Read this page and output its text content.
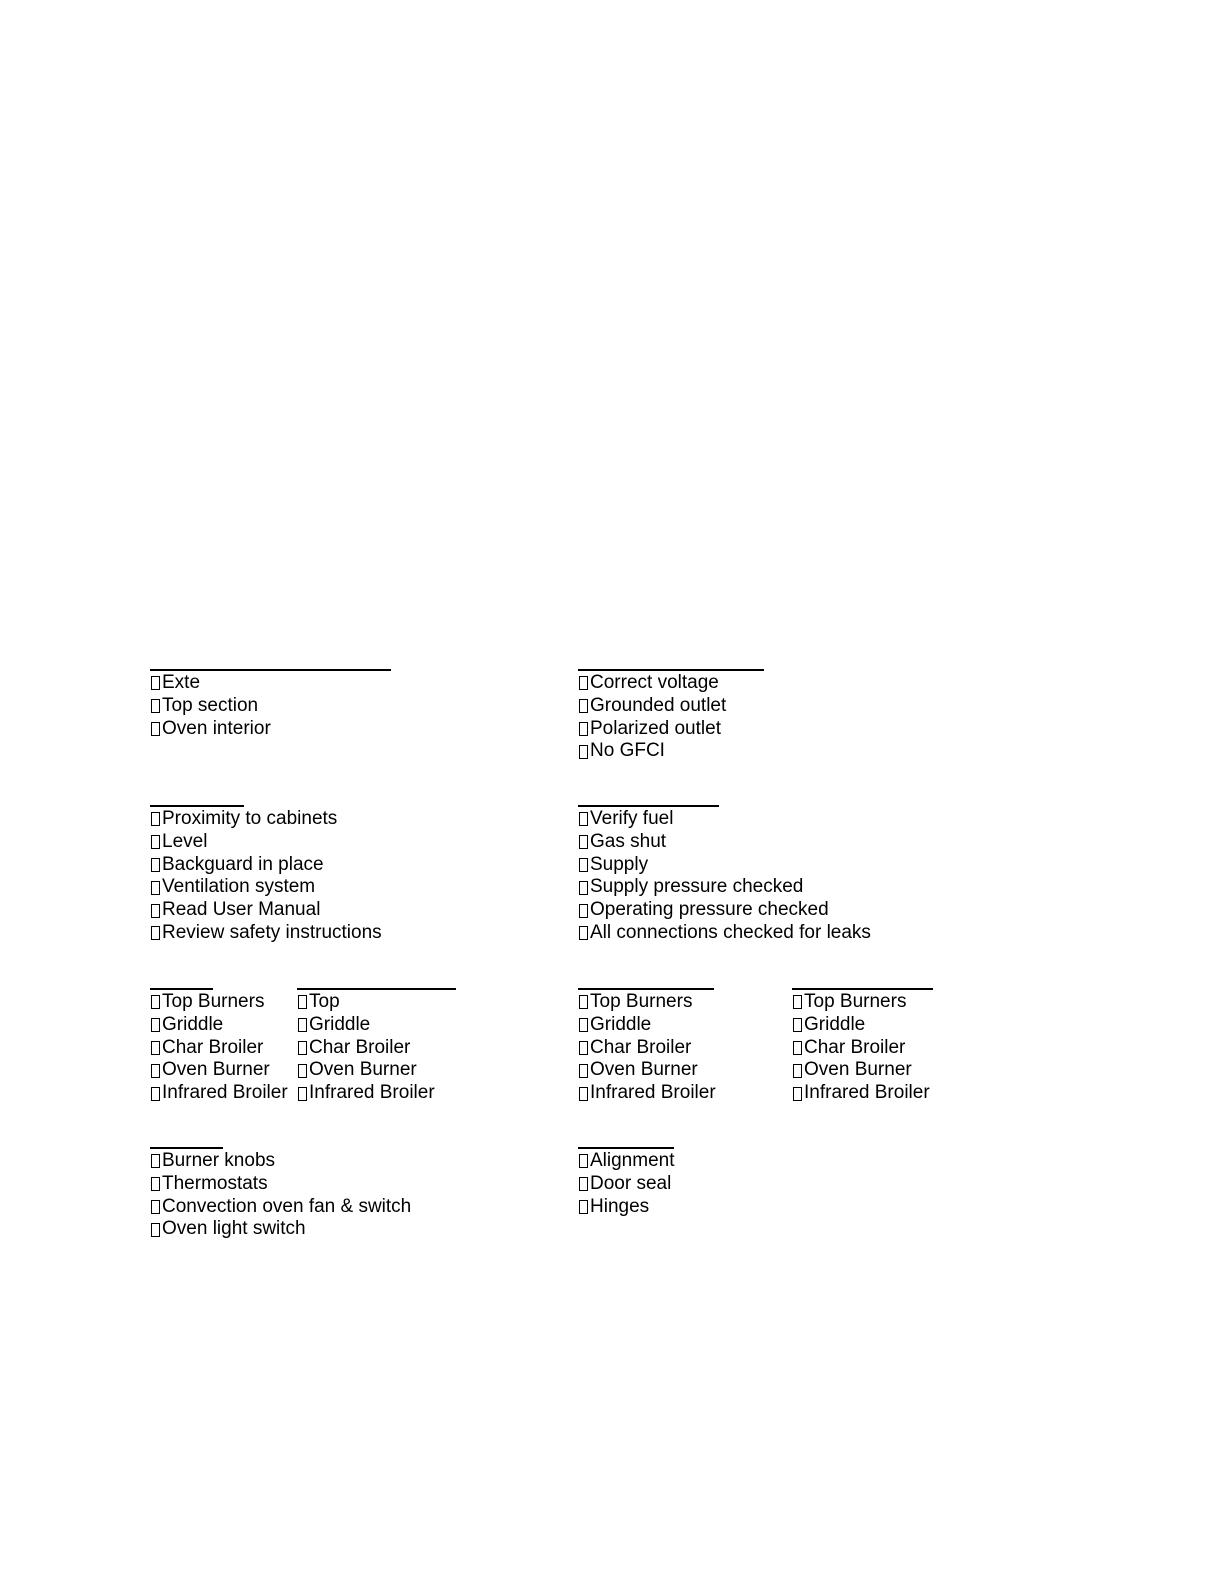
Exte
Top section
Oven interior
Correct voltage
Grounded outlet
Polarized outlet
No GFCI
Proximity to cabinets
Level
Backguard in place
Ventilation system
Read User Manual
Review safety instructions
Verify fuel
Gas shut
Supply
Supply pressure checked
Operating pressure checked
All connections checked for leaks
Top Burners
Griddle
Char Broiler
Oven Burner
Infrared Broiler
Top
Griddle
Char Broiler
Oven Burner
Infrared Broiler
Top Burners
Griddle
Char Broiler
Oven Burner
Infrared Broiler
Top Burners
Griddle
Char Broiler
Oven Burner
Infrared Broiler
Burner knobs
Thermostats
Convection oven fan & switch
Oven light switch
Alignment
Door seal
Hinges
